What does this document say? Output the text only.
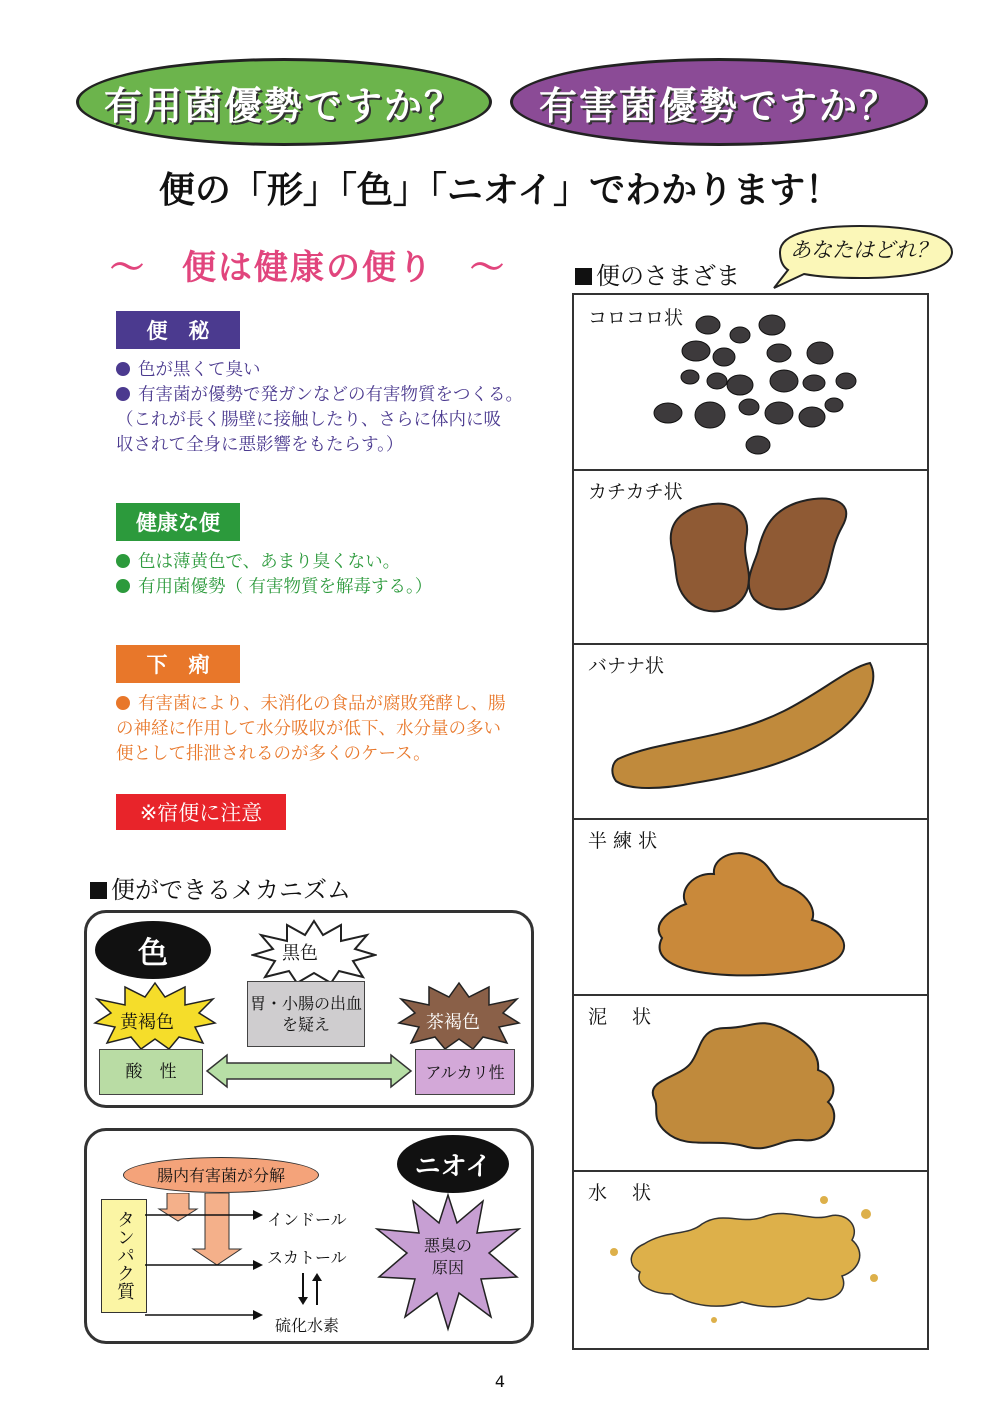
有用菌優勢ですか？ 有害菌優勢ですか？
便の「形」「色」「ニオイ」でわかります！
～　便は健康の便り　～
便　秘
色が黒くて臭い
有害菌が優勢で発ガンなどの有害物質をつくる。　（これが長く腸壁に接触したり、さらに体内に吸収されて全身に悪影響をもたらす。）
健康な便
色は薄黄色で、あまり臭くない。
有用菌優勢（ 有害物質を解毒する。）
下　痢
有害菌により、未消化の食品が腐敗発酵し、腸の神経に作用して水分吸収が低下、水分量の多い便として排泄されるのが多くのケース。
※宿便に注意
便ができるメカニズム
色	黒色
胃・小腸の出血を疑え
黄褐色	茶褐色
酸　性	アルカリ性
ニオイ
腸内有害菌が分解
タンパク質	インドール
スカトール
硫化水素
悪臭の原因
便のさまざま
あなたはどれ？
コロコロ状
カチカチ状
バナナ状
半 練 状
泥　 状
水　 状
4
